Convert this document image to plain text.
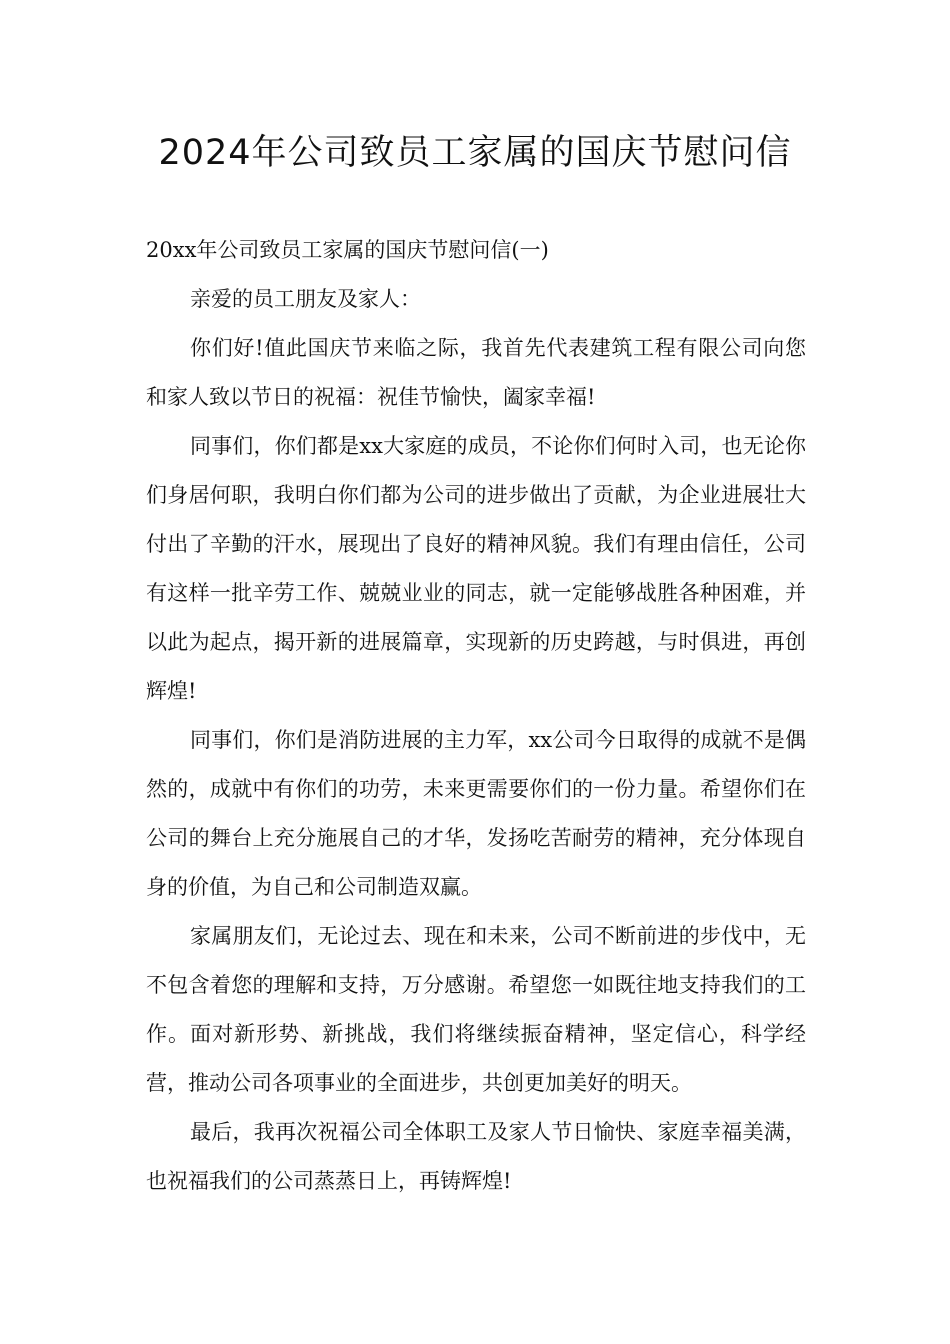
2024年公司致员工家属的国庆节慰问信

20xx年公司致员工家属的国庆节慰问信(一)

亲爱的员工朋友及家人：

你们好!值此国庆节来临之际，我首先代表建筑工程有限公司向您和家人致以节日的祝福：祝佳节愉快，阖家幸福!

同事们，你们都是xx大家庭的成员，不论你们何时入司，也无论你们身居何职，我明白你们都为公司的进步做出了贡献，为企业进展壮大付出了辛勤的汗水，展现出了良好的精神风貌。我们有理由信任，公司有这样一批辛劳工作、兢兢业业的同志，就一定能够战胜各种困难，并以此为起点，揭开新的进展篇章，实现新的历史跨越，与时俱进，再创辉煌!

同事们，你们是消防进展的主力军，xx公司今日取得的成就不是偶然的，成就中有你们的功劳，未来更需要你们的一份力量。希望你们在公司的舞台上充分施展自己的才华，发扬吃苦耐劳的精神，充分体现自身的价值，为自己和公司制造双赢。

家属朋友们，无论过去、现在和未来，公司不断前进的步伐中，无不包含着您的理解和支持，万分感谢。希望您一如既往地支持我们的工作。面对新形势、新挑战，我们将继续振奋精神，坚定信心，科学经营，推动公司各项事业的全面进步，共创更加美好的明天。

最后，我再次祝福公司全体职工及家人节日愉快、家庭幸福美满，也祝福我们的公司蒸蒸日上，再铸辉煌!
